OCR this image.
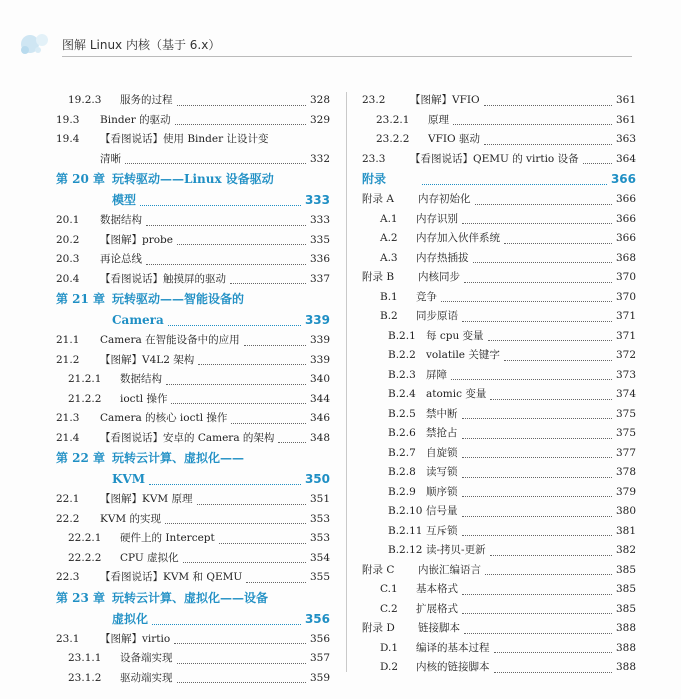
图解 Linux 内核（基于 6.x）
19.2.3	服务的过程	328
19.3	Binder 的驱动	329
19.4	【看图说话】使用 Binder 让设计变
清晰	332
第 20 章 玩转驱动——Linux 设备驱动
模型	333
20.1	数据结构	333
20.2	【图解】probe	335
20.3	再论总线	336
20.4	【看图说话】触摸屏的驱动	337
第 21 章 玩转驱动——智能设备的
Camera	339
21.1	Camera 在智能设备中的应用	339
21.2	【图解】V4L2 架构	339
21.2.1	数据结构	340
21.2.2	ioctl 操作	344
21.3	Camera 的核心 ioctl 操作	346
21.4	【看图说话】安卓的 Camera 的架构	348
第 22 章 玩转云计算、虚拟化——
KVM	350
22.1	【图解】KVM 原理	351
22.2	KVM 的实现	353
22.2.1	硬件上的 Intercept	353
22.2.2	CPU 虚拟化	354
22.3	【看图说话】KVM 和 QEMU	355
第 23 章 玩转云计算、虚拟化——设备
虚拟化	356
23.1	【图解】virtio	356
23.1.1	设备端实现	357
23.1.2	驱动端实现	359
23.2	【图解】VFIO	361
23.2.1	原理	361
23.2.2	VFIO 驱动	363
23.3	【看图说话】QEMU 的 virtio 设备	364
附录	366
附录 A	内存初始化	366
A.1	内存识别	366
A.2	内存加入伙伴系统	366
A.3	内存热插拔	368
附录 B	内核同步	370
B.1	竞争	370
B.2	同步原语	371
B.2.1 每 cpu 变量	371
B.2.2 volatile 关键字	372
B.2.3 屏障	373
B.2.4 atomic 变量	374
B.2.5 禁中断	375
B.2.6 禁抢占	375
B.2.7 自旋锁	377
B.2.8 读写锁	378
B.2.9 顺序锁	379
B.2.10 信号量	380
B.2.11 互斥锁	381
B.2.12 读-拷贝-更新	382
附录 C	内嵌汇编语言	385
C.1	基本格式	385
C.2	扩展格式	385
附录 D	链接脚本	388
D.1	编译的基本过程	388
D.2	内核的链接脚本	388
